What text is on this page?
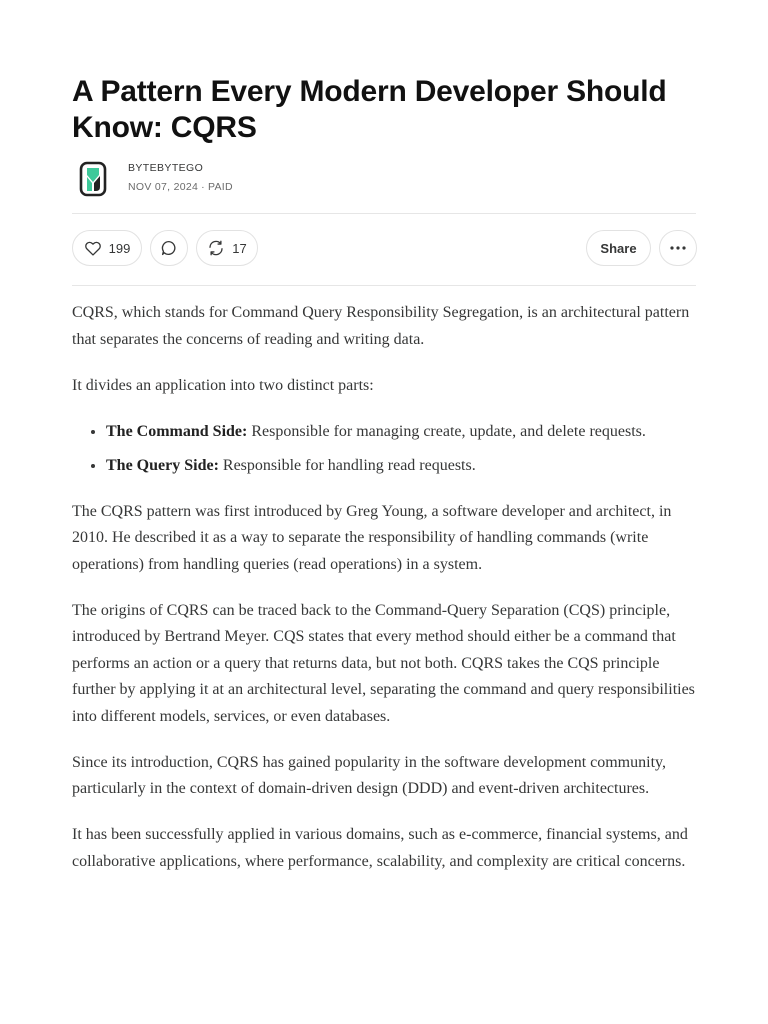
A Pattern Every Modern Developer Should Know: CQRS
BYTEBYTEGO
NOV 07, 2024 · PAID
199	17	Share

CQRS, which stands for Command Query Responsibility Segregation, is an architectural pattern that separates the concerns of reading and writing data.

It divides an application into two distinct parts:

• The Command Side: Responsible for managing create, update, and delete requests.
• The Query Side: Responsible for handling read requests.

The CQRS pattern was first introduced by Greg Young, a software developer and architect, in 2010. He described it as a way to separate the responsibility of handling commands (write operations) from handling queries (read operations) in a system.

The origins of CQRS can be traced back to the Command-Query Separation (CQS) principle, introduced by Bertrand Meyer. CQS states that every method should either be a command that performs an action or a query that returns data, but not both. CQRS takes the CQS principle further by applying it at an architectural level, separating the command and query responsibilities into different models, services, or even databases.

Since its introduction, CQRS has gained popularity in the software development community, particularly in the context of domain-driven design (DDD) and event-driven architectures.

It has been successfully applied in various domains, such as e-commerce, financial systems, and collaborative applications, where performance, scalability, and complexity are critical concerns.
